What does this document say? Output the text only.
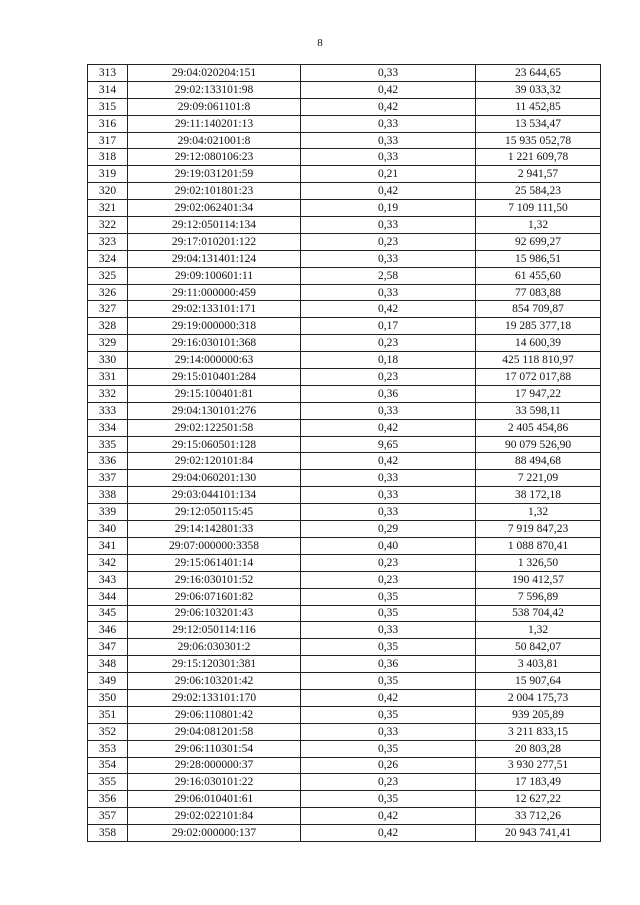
8
313	29:04:020204:151	0,33	23 644,65
314	29:02:133101:98	0,42	39 033,32
315	29:09:061101:8	0,42	11 452,85
316	29:11:140201:13	0,33	13 534,47
317	29:04:021001:8	0,33	15 935 052,78
318	29:12:080106:23	0,33	1 221 609,78
319	29:19:031201:59	0,21	2 941,57
320	29:02:101801:23	0,42	25 584,23
321	29:02:062401:34	0,19	7 109 111,50
322	29:12:050114:134	0,33	1,32
323	29:17:010201:122	0,23	92 699,27
324	29:04:131401:124	0,33	15 986,51
325	29:09:100601:11	2,58	61 455,60
326	29:11:000000:459	0,33	77 083,88
327	29:02:133101:171	0,42	854 709,87
328	29:19:000000:318	0,17	19 285 377,18
329	29:16:030101:368	0,23	14 600,39
330	29:14:000000:63	0,18	425 118 810,97
331	29:15:010401:284	0,23	17 072 017,88
332	29:15:100401:81	0,36	17 947,22
333	29:04:130101:276	0,33	33 598,11
334	29:02:122501:58	0,42	2 405 454,86
335	29:15:060501:128	9,65	90 079 526,90
336	29:02:120101:84	0,42	88 494,68
337	29:04:060201:130	0,33	7 221,09
338	29:03:044101:134	0,33	38 172,18
339	29:12:050115:45	0,33	1,32
340	29:14:142801:33	0,29	7 919 847,23
341	29:07:000000:3358	0,40	1 088 870,41
342	29:15:061401:14	0,23	1 326,50
343	29:16:030101:52	0,23	190 412,57
344	29:06:071601:82	0,35	7 596,89
345	29:06:103201:43	0,35	538 704,42
346	29:12:050114:116	0,33	1,32
347	29:06:030301:2	0,35	50 842,07
348	29:15:120301:381	0,36	3 403,81
349	29:06:103201:42	0,35	15 907,64
350	29:02:133101:170	0,42	2 004 175,73
351	29:06:110801:42	0,35	939 205,89
352	29:04:081201:58	0,33	3 211 833,15
353	29:06:110301:54	0,35	20 803,28
354	29:28:000000:37	0,26	3 930 277,51
355	29:16:030101:22	0,23	17 183,49
356	29:06:010401:61	0,35	12 627,22
357	29:02:022101:84	0,42	33 712,26
358	29:02:000000:137	0,42	20 943 741,41
